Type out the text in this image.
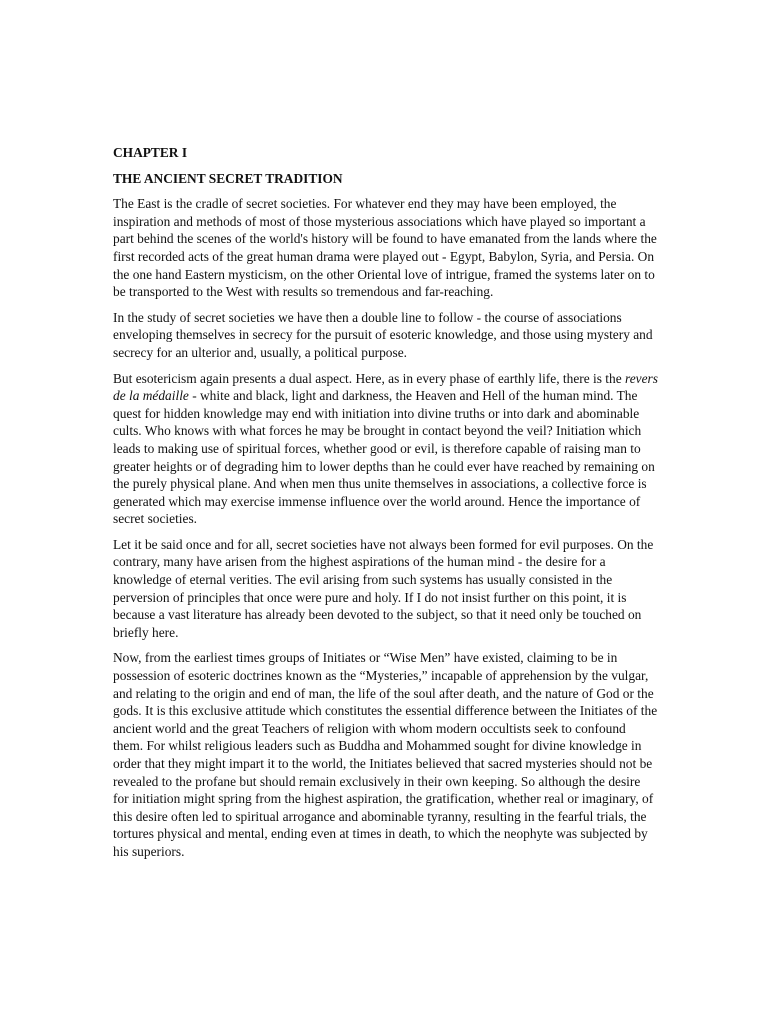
CHAPTER I

THE ANCIENT SECRET TRADITION

The East is the cradle of secret societies. For whatever end they may have been employed, the inspiration and methods of most of those mysterious associations which have played so important a part behind the scenes of the world's history will be found to have emanated from the lands where the first recorded acts of the great human drama were played out - Egypt, Babylon, Syria, and Persia. On the one hand Eastern mysticism, on the other Oriental love of intrigue, framed the systems later on to be transported to the West with results so tremendous and far-reaching.

In the study of secret societies we have then a double line to follow - the course of associations enveloping themselves in secrecy for the pursuit of esoteric knowledge, and those using mystery and secrecy for an ulterior and, usually, a political purpose.

But esotericism again presents a dual aspect. Here, as in every phase of earthly life, there is the revers de la médaille - white and black, light and darkness, the Heaven and Hell of the human mind. The quest for hidden knowledge may end with initiation into divine truths or into dark and abominable cults. Who knows with what forces he may be brought in contact beyond the veil? Initiation which leads to making use of spiritual forces, whether good or evil, is therefore capable of raising man to greater heights or of degrading him to lower depths than he could ever have reached by remaining on the purely physical plane. And when men thus unite themselves in associations, a collective force is generated which may exercise immense influence over the world around. Hence the importance of secret societies.

Let it be said once and for all, secret societies have not always been formed for evil purposes. On the contrary, many have arisen from the highest aspirations of the human mind - the desire for a knowledge of eternal verities. The evil arising from such systems has usually consisted in the perversion of principles that once were pure and holy. If I do not insist further on this point, it is because a vast literature has already been devoted to the subject, so that it need only be touched on briefly here.

Now, from the earliest times groups of Initiates or “Wise Men” have existed, claiming to be in possession of esoteric doctrines known as the “Mysteries,” incapable of apprehension by the vulgar, and relating to the origin and end of man, the life of the soul after death, and the nature of God or the gods. It is this exclusive attitude which constitutes the essential difference between the Initiates of the ancient world and the great Teachers of religion with whom modern occultists seek to confound them. For whilst religious leaders such as Buddha and Mohammed sought for divine knowledge in order that they might impart it to the world, the Initiates believed that sacred mysteries should not be revealed to the profane but should remain exclusively in their own keeping. So although the desire for initiation might spring from the highest aspiration, the gratification, whether real or imaginary, of this desire often led to spiritual arrogance and abominable tyranny, resulting in the fearful trials, the tortures physical and mental, ending even at times in death, to which the neophyte was subjected by his superiors.
